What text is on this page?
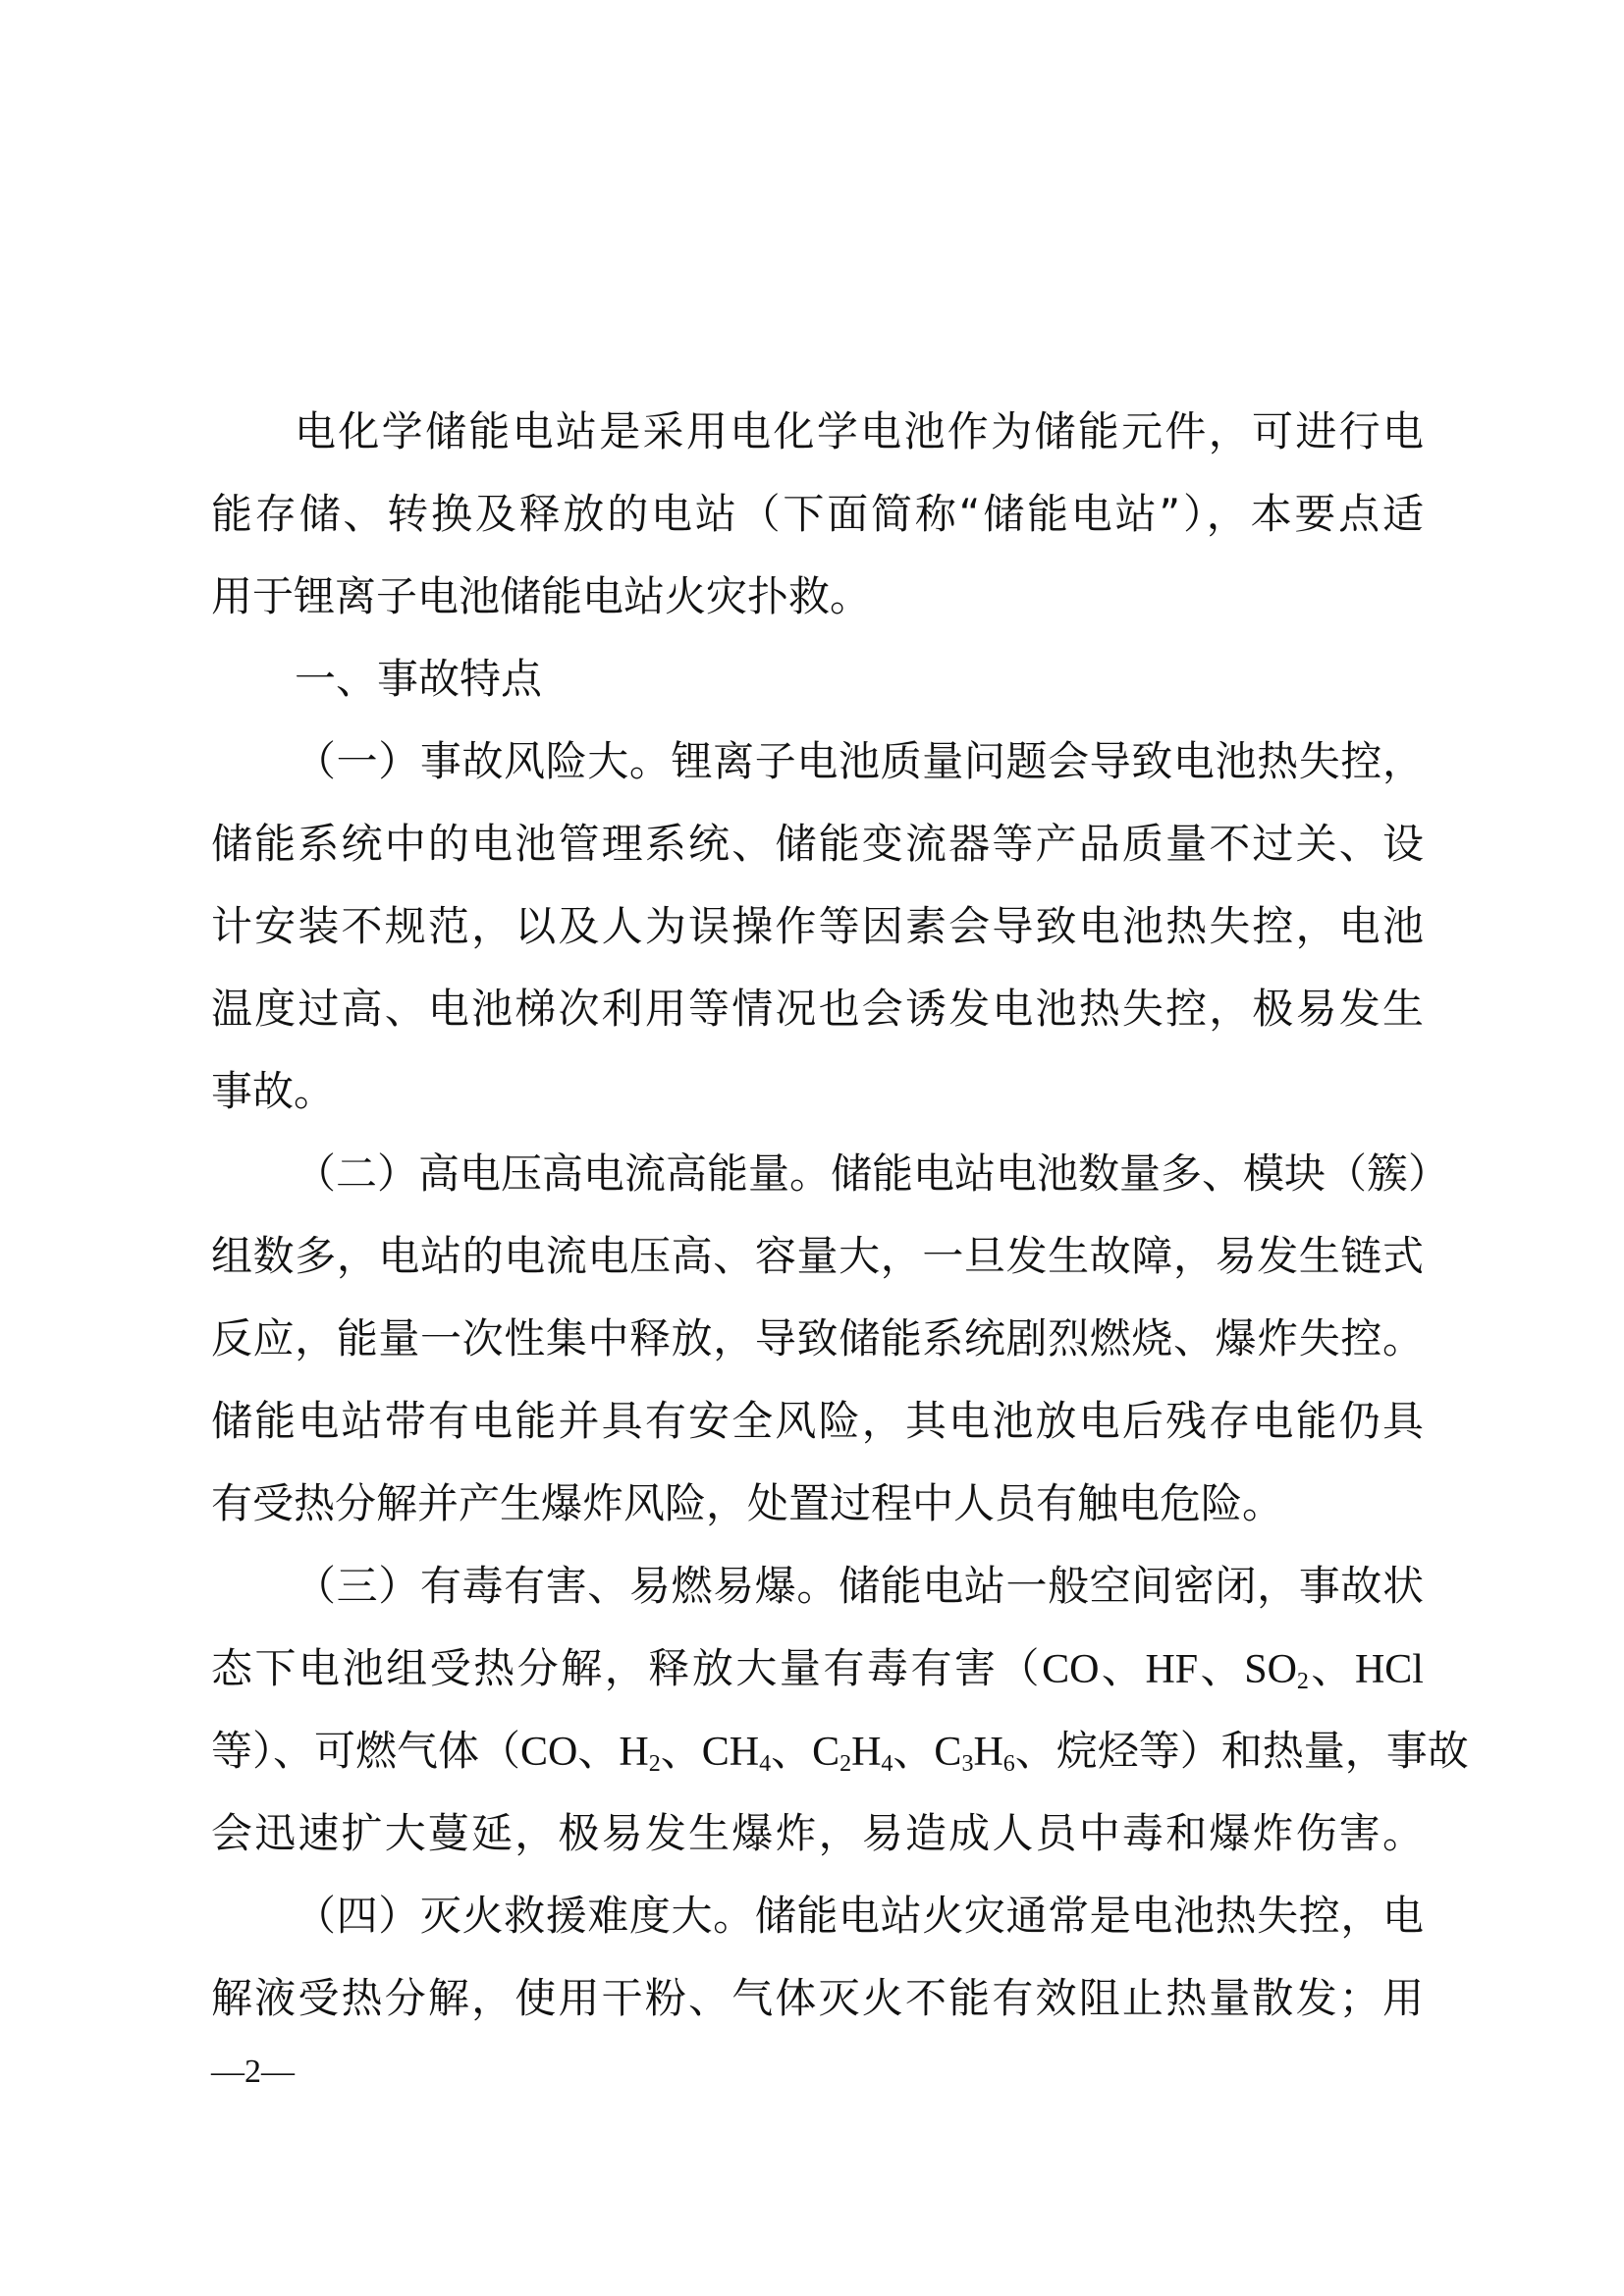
电化学储能电站是采用电化学电池作为储能元件，可进行电
能存储、转换及释放的电站（下面简称“储能电站”），本要点适
用于锂离子电池储能电站火灾扑救。
一、事故特点
（一）事故风险大。锂离子电池质量问题会导致电池热失控，
储能系统中的电池管理系统、储能变流器等产品质量不过关、设
计安装不规范，以及人为误操作等因素会导致电池热失控，电池
温度过高、电池梯次利用等情况也会诱发电池热失控，极易发生
事故。
（二）高电压高电流高能量。储能电站电池数量多、模块（簇）
组数多，电站的电流电压高、容量大，一旦发生故障，易发生链式
反应，能量一次性集中释放，导致储能系统剧烈燃烧、爆炸失控。
储能电站带有电能并具有安全风险，其电池放电后残存电能仍具
有受热分解并产生爆炸风险，处置过程中人员有触电危险。
（三）有毒有害、易燃易爆。储能电站一般空间密闭，事故状
态下电池组受热分解，释放大量有毒有害（CO、HF、$SO_2$、HCl
等）、可燃气体（CO、$H_2$、$CH_4$、$C_2H_4$、$C_3H_6$、烷烃等）和热量，事故
会迅速扩大蔓延，极易发生爆炸，易造成人员中毒和爆炸伤害。
（四）灭火救援难度大。储能电站火灾通常是电池热失控，电
解液受热分解，使用干粉、气体灭火不能有效阻止热量散发；用
—2—
